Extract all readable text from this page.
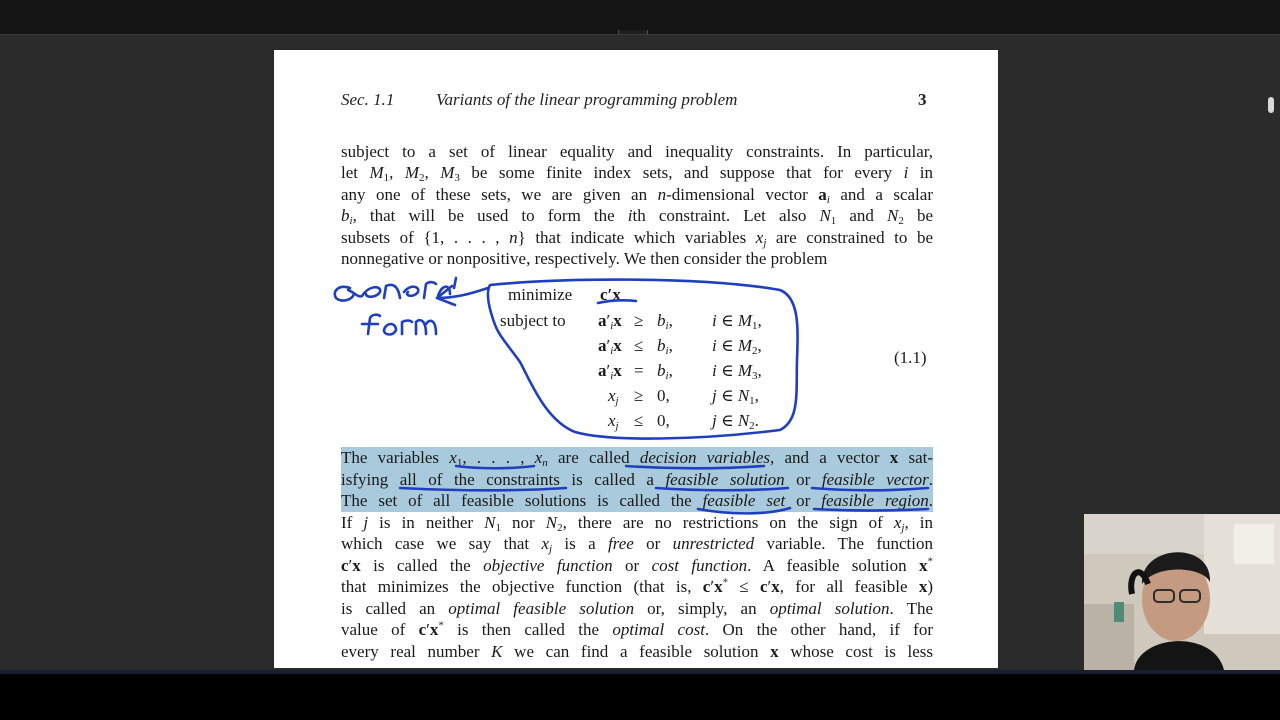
Sec. 1.1 Variants of the linear programming problem	3
subject to a set of linear equality and inequality constraints. In particular,
let $M_1$, $M_2$, $M_3$ be some finite index sets, and suppose that for every i in
any one of these sets, we are given an n-dimensional vector $a_i$ and a scalar
$b_i$, that will be used to form the ith constraint. Let also $N_1$ and $N_2$ be
subsets of {1, . . . , n} that indicate which variables $x_j$ are constrained to be
nonnegative or nonpositive, respectively. We then consider the problem
minimize c′x
subject to $a'_ix \ge b_i$, i ∈ $M_1$,
$a'_ix \le b_i$, i ∈ $M_2$,
$a'_ix = b_i$, i ∈ $M_3$,
$x_j \ge 0$, j ∈ $N_1$,
$x_j \le 0$, j ∈ $N_2$.
(1.1)
The variables $x_1$, . . . , $x_n$ are called decision variables, and a vector x sat-
isfying all of the constraints is called a feasible solution or feasible vector.
The set of all feasible solutions is called the feasible set or feasible region.
If j is in neither $N_1$ nor $N_2$, there are no restrictions on the sign of $x_j$, in
which case we say that $x_j$ is a free or unrestricted variable. The function
c′x is called the objective function or cost function. A feasible solution x*
that minimizes the objective function (that is, c′x* ≤ c′x, for all feasible x)
is called an optimal feasible solution or, simply, an optimal solution. The
value of c′x* is then called the optimal cost. On the other hand, if for
every real number K we can find a feasible solution x whose cost is less
